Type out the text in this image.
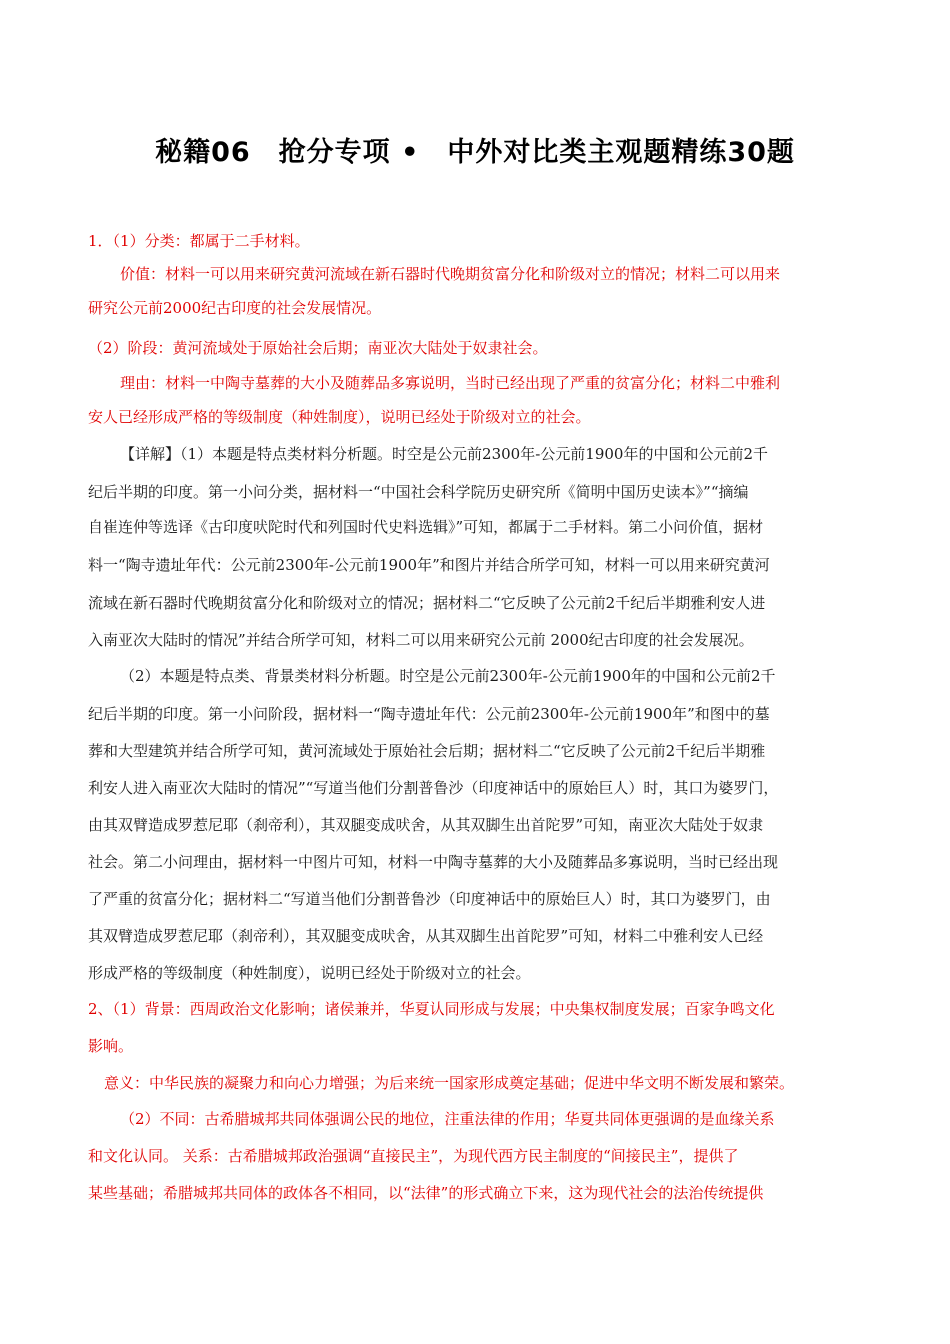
秘籍06　抢分专项 •　中外对比类主观题精练30题
1．（1）分类：都属于二手材料。
价值：材料一可以用来研究黄河流域在新石器时代晚期贫富分化和阶级对立的情况；材料二可以用来
研究公元前2000纪古印度的社会发展情况。
（2）阶段：黄河流域处于原始社会后期；南亚次大陆处于奴隶社会。
理由：材料一中陶寺墓葬的大小及随葬品多寡说明，当时已经出现了严重的贫富分化；材料二中雅利
安人已经形成严格的等级制度（种姓制度），说明已经处于阶级对立的社会。
【详解】（1）本题是特点类材料分析题。时空是公元前2300年-公元前1900年的中国和公元前2千
纪后半期的印度。第一小问分类，据材料一“中国社会科学院历史研究所《简明中国历史读本》”“摘编
自崔连仲等选译《古印度吠陀时代和列国时代史料选辑》”可知，都属于二手材料。第二小问价值，据材
料一“陶寺遗址年代：公元前2300年-公元前1900年”和图片并结合所学可知，材料一可以用来研究黄河
流域在新石器时代晚期贫富分化和阶级对立的情况；据材料二“它反映了公元前2千纪后半期雅利安人进
入南亚次大陆时的情况”并结合所学可知，材料二可以用来研究公元前 2000纪古印度的社会发展况。
（2）本题是特点类、背景类材料分析题。时空是公元前2300年-公元前1900年的中国和公元前2千
纪后半期的印度。第一小问阶段，据材料一“陶寺遗址年代：公元前2300年-公元前1900年”和图中的墓
葬和大型建筑并结合所学可知，黄河流域处于原始社会后期；据材料二“它反映了公元前2千纪后半期雅
利安人进入南亚次大陆时的情况”“写道当他们分割普鲁沙（印度神话中的原始巨人）时，其口为婆罗门，
由其双臂造成罗惹尼耶（刹帝利），其双腿变成吠舍，从其双脚生出首陀罗”可知，南亚次大陆处于奴隶
社会。第二小问理由，据材料一中图片可知，材料一中陶寺墓葬的大小及随葬品多寡说明，当时已经出现
了严重的贫富分化；据材料二“写道当他们分割普鲁沙（印度神话中的原始巨人）时，其口为婆罗门，由
其双臂造成罗惹尼耶（刹帝利），其双腿变成吠舍，从其双脚生出首陀罗”可知，材料二中雅利安人已经
形成严格的等级制度（种姓制度），说明已经处于阶级对立的社会。
2、（1）背景：西周政治文化影响；诸侯兼并，华夏认同形成与发展；中央集权制度发展；百家争鸣文化
影响。
意义：中华民族的凝聚力和向心力增强；为后来统一国家形成奠定基础；促进中华文明不断发展和繁荣。
（2）不同：古希腊城邦共同体强调公民的地位，注重法律的作用；华夏共同体更强调的是血缘关系
和文化认同。 关系：古希腊城邦政治强调“直接民主”，为现代西方民主制度的“间接民主”，提供了
某些基础；希腊城邦共同体的政体各不相同，以“法律”的形式确立下来，这为现代社会的法治传统提供
